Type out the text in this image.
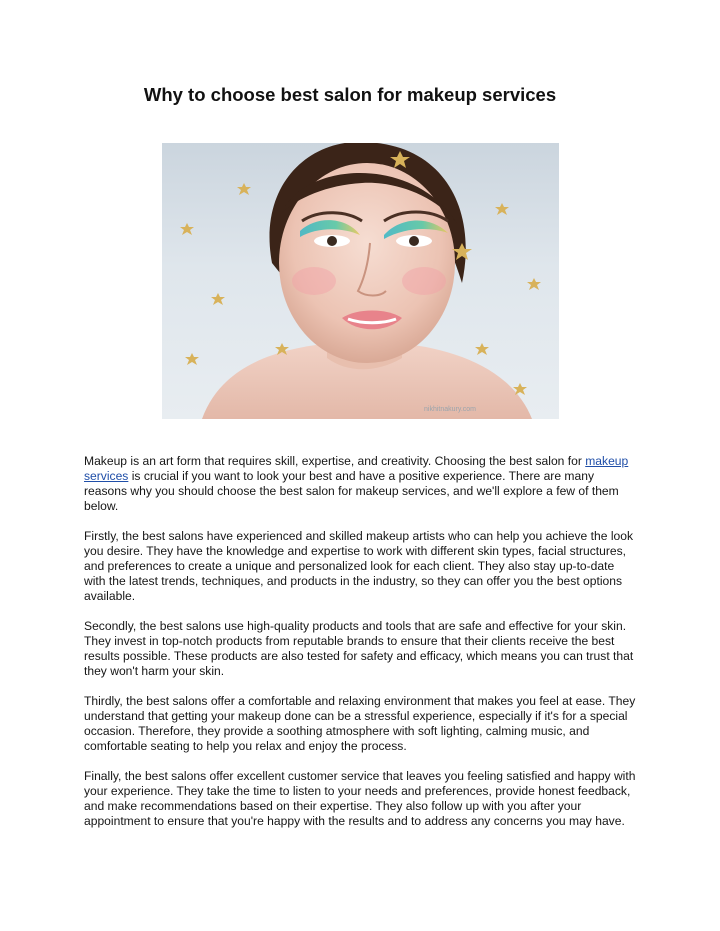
Why to choose best salon for makeup services
nikhitnakury.com

Makeup is an art form that requires skill, expertise, and creativity. Choosing the best salon for makeup services is crucial if you want to look your best and have a positive experience. There are many reasons why you should choose the best salon for makeup services, and we'll explore a few of them below.

Firstly, the best salons have experienced and skilled makeup artists who can help you achieve the look you desire. They have the knowledge and expertise to work with different skin types, facial structures, and preferences to create a unique and personalized look for each client. They also stay up-to-date with the latest trends, techniques, and products in the industry, so they can offer you the best options available.

Secondly, the best salons use high-quality products and tools that are safe and effective for your skin. They invest in top-notch products from reputable brands to ensure that their clients receive the best results possible. These products are also tested for safety and efficacy, which means you can trust that they won't harm your skin.

Thirdly, the best salons offer a comfortable and relaxing environment that makes you feel at ease. They understand that getting your makeup done can be a stressful experience, especially if it's for a special occasion. Therefore, they provide a soothing atmosphere with soft lighting, calming music, and comfortable seating to help you relax and enjoy the process.

Finally, the best salons offer excellent customer service that leaves you feeling satisfied and happy with your experience. They take the time to listen to your needs and preferences, provide honest feedback, and make recommendations based on their expertise. They also follow up with you after your appointment to ensure that you're happy with the results and to address any concerns you may have.
